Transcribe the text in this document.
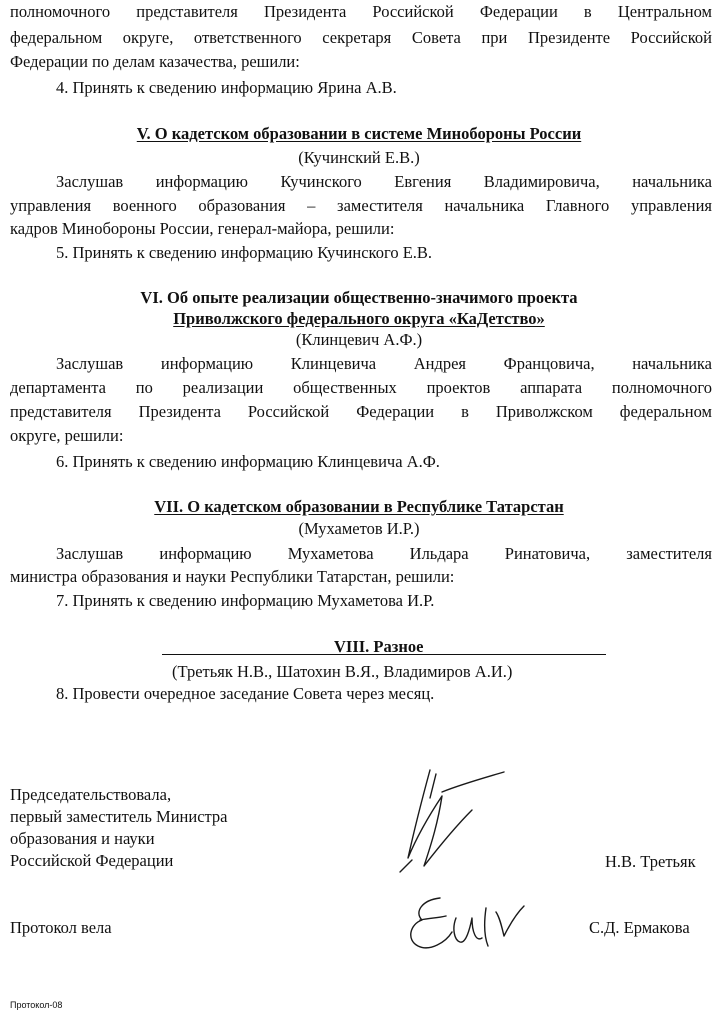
полномочного представителя Президента Российской Федерации в Центральном
федеральном округе, ответственного секретаря Совета при Президенте Российской
Федерации по делам казачества, решили:
4. Принять к сведению информацию Ярина А.В.
V. О кадетском образовании в системе Минобороны России
(Кучинский Е.В.)
Заслушав информацию Кучинского Евгения Владимировича, начальника
управления военного образования – заместителя начальника Главного управления
кадров Минобороны России, генерал-майора, решили:
5. Принять к сведению информацию Кучинского Е.В.
VI. Об опыте реализации общественно-значимого проекта
Приволжского федерального округа «КаДетство»
(Клинцевич А.Ф.)
Заслушав информацию Клинцевича Андрея Францовича, начальника
департамента по реализации общественных проектов аппарата полномочного
представителя Президента Российской Федерации в Приволжском федеральном
округе, решили:
6. Принять к сведению информацию Клинцевича А.Ф.
VII. О кадетском образовании в Республике Татарстан
(Мухаметов И.Р.)
Заслушав информацию Мухаметова Ильдара Ринатовича, заместителя
министра образования и науки Республики Татарстан, решили:
7. Принять к сведению информацию Мухаметова И.Р.
VIII. Разное
(Третьяк Н.В., Шатохин В.Я., Владимиров А.И.)
8. Провести очередное заседание Совета через месяц.
Председательствовала,
первый заместитель Министра
образования и науки
Российской Федерации	Н.В. Третьяк
Протокол вела	С.Д. Ермакова
Протокол-08
